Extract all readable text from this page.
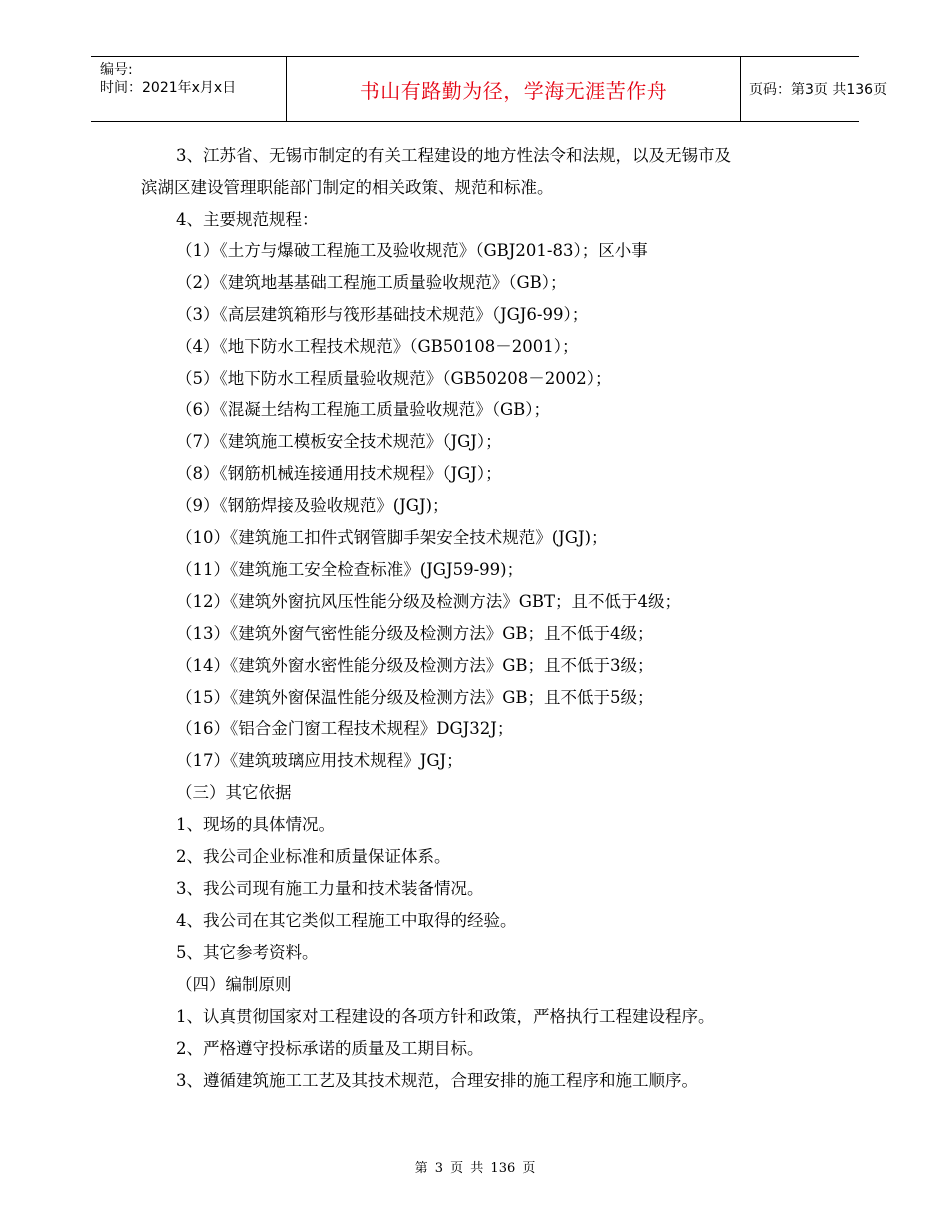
编号:
时间：2021年x月x日	书山有路勤为径，学海无涯苦作舟	页码：第3页 共136页
3、江苏省、无锡市制定的有关工程建设的地方性法令和法规，以及无锡市及
滨湖区建设管理职能部门制定的相关政策、规范和标准。
4、主要规范规程：
（1）《土方与爆破工程施工及验收规范》（GBJ201-83）；区小事
（2）《建筑地基基础工程施工质量验收规范》（GB）；
（3）《高层建筑箱形与筏形基础技术规范》（JGJ6-99）；
（4）《地下防水工程技术规范》（GB50108－2001）；
（5）《地下防水工程质量验收规范》（GB50208－2002）；
（6）《混凝土结构工程施工质量验收规范》（GB）；
（7）《建筑施工模板安全技术规范》（JGJ）；
（8）《钢筋机械连接通用技术规程》（JGJ）；
（9）《钢筋焊接及验收规范》(JGJ)；
（10）《建筑施工扣件式钢管脚手架安全技术规范》(JGJ)；
（11）《建筑施工安全检查标准》(JGJ59-99)；
（12）《建筑外窗抗风压性能分级及检测方法》GBT；且不低于4级；
（13）《建筑外窗气密性能分级及检测方法》GB；且不低于4级；
（14）《建筑外窗水密性能分级及检测方法》GB；且不低于3级；
（15）《建筑外窗保温性能分级及检测方法》GB；且不低于5级；
（16）《铝合金门窗工程技术规程》DGJ32J；
（17）《建筑玻璃应用技术规程》JGJ；
（三）其它依据
1、现场的具体情况。
2、我公司企业标准和质量保证体系。
3、我公司现有施工力量和技术装备情况。
4、我公司在其它类似工程施工中取得的经验。
5、其它参考资料。
（四）编制原则
1、认真贯彻国家对工程建设的各项方针和政策，严格执行工程建设程序。
2、严格遵守投标承诺的质量及工期目标。
3、遵循建筑施工工艺及其技术规范，合理安排的施工程序和施工顺序。
第 3 页 共 136 页
